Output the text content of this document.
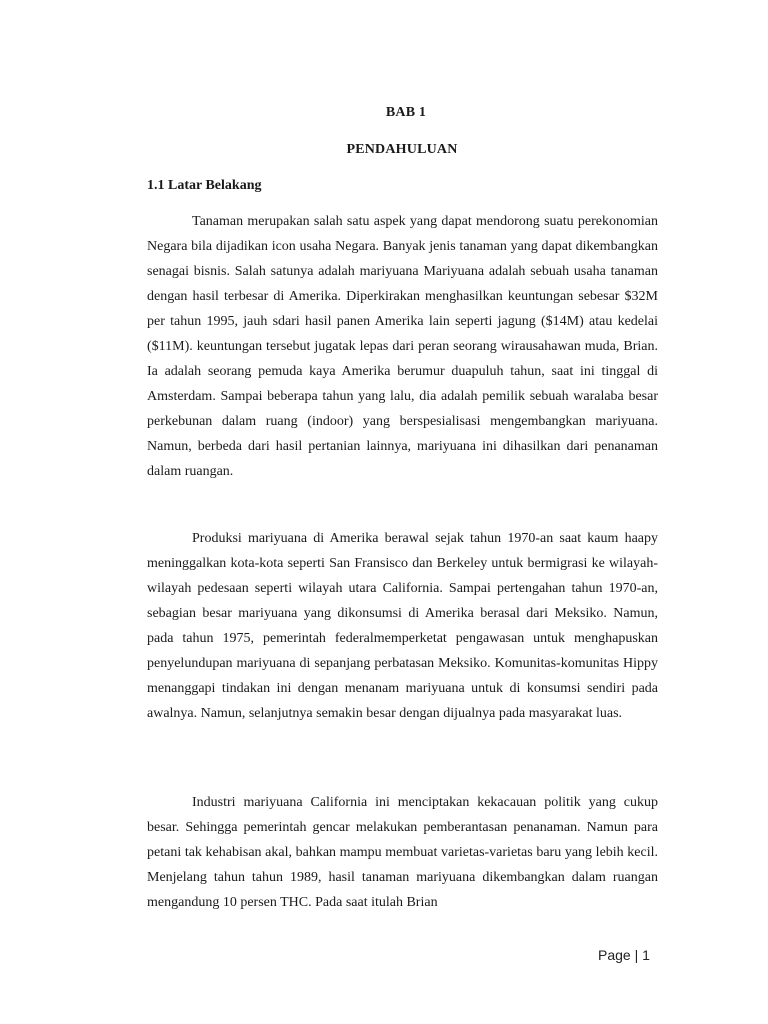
BAB 1
PENDAHULUAN
1.1 Latar Belakang

Tanaman merupakan salah satu aspek yang dapat mendorong suatu perekonomian Negara bila dijadikan icon usaha Negara. Banyak jenis tanaman yang dapat dikembangkan senagai bisnis. Salah satunya adalah mariyuana Mariyuana adalah sebuah usaha tanaman dengan hasil terbesar di Amerika. Diperkirakan menghasilkan keuntungan sebesar $32M per tahun 1995, jauh sdari hasil panen Amerika lain seperti jagung ($14M) atau kedelai ($11M). keuntungan tersebut jugatak lepas dari peran seorang wirausahawan muda, Brian. Ia adalah seorang pemuda kaya Amerika berumur duapuluh tahun, saat ini tinggal di Amsterdam. Sampai beberapa tahun yang lalu, dia adalah pemilik sebuah waralaba besar perkebunan dalam ruang (indoor) yang berspesialisasi mengembangkan mariyuana. Namun, berbeda dari hasil pertanian lainnya, mariyuana ini dihasilkan dari penanaman dalam ruangan.

Produksi mariyuana di Amerika berawal sejak tahun 1970-an saat kaum haapy meninggalkan kota-kota seperti San Fransisco dan Berkeley untuk bermigrasi ke wilayah-wilayah pedesaan seperti wilayah utara California. Sampai pertengahan tahun 1970-an, sebagian besar mariyuana yang dikonsumsi di Amerika berasal dari Meksiko. Namun, pada tahun 1975, pemerintah federalmemperketat pengawasan untuk menghapuskan penyelundupan mariyuana di sepanjang perbatasan Meksiko. Komunitas-komunitas Hippy menanggapi tindakan ini dengan menanam mariyuana untuk di konsumsi sendiri pada awalnya. Namun, selanjutnya semakin besar dengan dijualnya pada masyarakat luas.

Industri mariyuana California ini menciptakan kekacauan politik yang cukup besar. Sehingga pemerintah gencar melakukan pemberantasan penanaman. Namun para petani tak kehabisan akal, bahkan mampu membuat varietas-varietas baru yang lebih kecil. Menjelang tahun tahun 1989, hasil tanaman mariyuana dikembangkan dalam ruangan mengandung 10 persen THC. Pada saat itulah Brian

Page | 1
